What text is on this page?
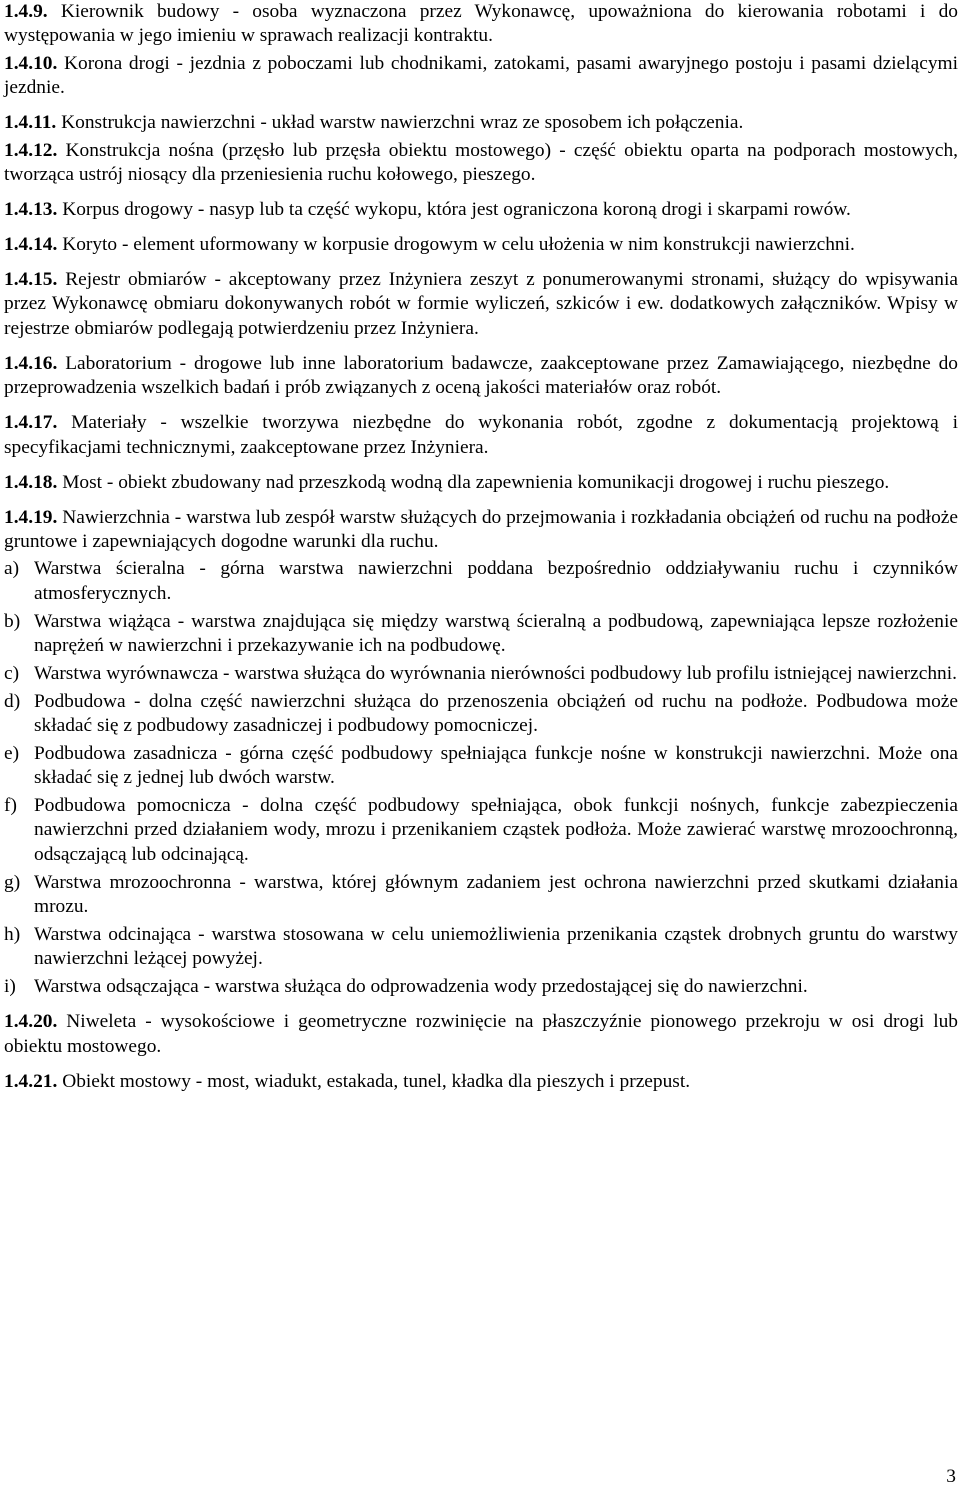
1.4.9. Kierownik budowy - osoba wyznaczona przez Wykonawcę, upoważniona do kierowania robotami i do występowania w jego imieniu w sprawach realizacji kontraktu.

1.4.10. Korona drogi - jezdnia z poboczami lub chodnikami, zatokami, pasami awaryjnego postoju i pasami dzielącymi jezdnie.

1.4.11. Konstrukcja nawierzchni - układ warstw nawierzchni wraz ze sposobem ich połączenia.

1.4.12. Konstrukcja nośna (przęsło lub przęsła obiektu mostowego) - część obiektu oparta na podporach mostowych, tworząca ustrój niosący dla przeniesienia ruchu kołowego, pieszego.

1.4.13. Korpus drogowy - nasyp lub ta część wykopu, która jest ograniczona koroną drogi i skarpami rowów.

1.4.14. Koryto - element uformowany w korpusie drogowym w celu ułożenia w nim konstrukcji nawierzchni.

1.4.15. Rejestr obmiarów - akceptowany przez Inżyniera zeszyt z ponumerowanymi stronami, służący do wpisywania przez Wykonawcę obmiaru dokonywanych robót w formie wyliczeń, szkiców i ew. dodatkowych załączników. Wpisy w rejestrze obmiarów podlegają potwierdzeniu przez Inżyniera.

1.4.16. Laboratorium - drogowe lub inne laboratorium badawcze, zaakceptowane przez Zamawiającego, niezbędne do przeprowadzenia wszelkich badań i prób związanych z oceną jakości materiałów oraz robót.

1.4.17. Materiały - wszelkie tworzywa niezbędne do wykonania robót, zgodne z dokumentacją projektową i specyfikacjami technicznymi, zaakceptowane przez Inżyniera.

1.4.18. Most - obiekt zbudowany nad przeszkodą wodną dla zapewnienia komunikacji drogowej i ruchu pieszego.

1.4.19. Nawierzchnia - warstwa lub zespół warstw służących do przejmowania i rozkładania obciążeń od ruchu na podłoże gruntowe i zapewniających dogodne warunki dla ruchu.

a) Warstwa ścieralna - górna warstwa nawierzchni poddana bezpośrednio oddziaływaniu ruchu i czynników atmosferycznych.
b) Warstwa wiążąca - warstwa znajdująca się między warstwą ścieralną a podbudową, zapewniająca lepsze rozłożenie naprężeń w nawierzchni i przekazywanie ich na podbudowę.
c) Warstwa wyrównawcza - warstwa służąca do wyrównania nierówności podbudowy lub profilu istniejącej nawierzchni.
d) Podbudowa - dolna część nawierzchni służąca do przenoszenia obciążeń od ruchu na podłoże. Podbudowa może składać się z podbudowy zasadniczej i podbudowy pomocniczej.
e) Podbudowa zasadnicza - górna część podbudowy spełniająca funkcje nośne w konstrukcji nawierzchni. Może ona składać się z jednej lub dwóch warstw.
f) Podbudowa pomocnicza - dolna część podbudowy spełniająca, obok funkcji nośnych, funkcje zabezpieczenia nawierzchni przed działaniem wody, mrozu i przenikaniem cząstek podłoża. Może zawierać warstwę mrozoochronną, odsączającą lub odcinającą.
g) Warstwa mrozoochronna - warstwa, której głównym zadaniem jest ochrona nawierzchni przed skutkami działania mrozu.
h) Warstwa odcinająca - warstwa stosowana w celu uniemożliwienia przenikania cząstek drobnych gruntu do warstwy nawierzchni leżącej powyżej.
i) Warstwa odsączająca - warstwa służąca do odprowadzenia wody przedostającej się do nawierzchni.

1.4.20. Niweleta - wysokościowe i geometryczne rozwinięcie na płaszczyźnie pionowego przekroju w osi drogi lub obiektu mostowego.

1.4.21. Obiekt mostowy - most, wiadukt, estakada, tunel, kładka dla pieszych i przepust.

3
